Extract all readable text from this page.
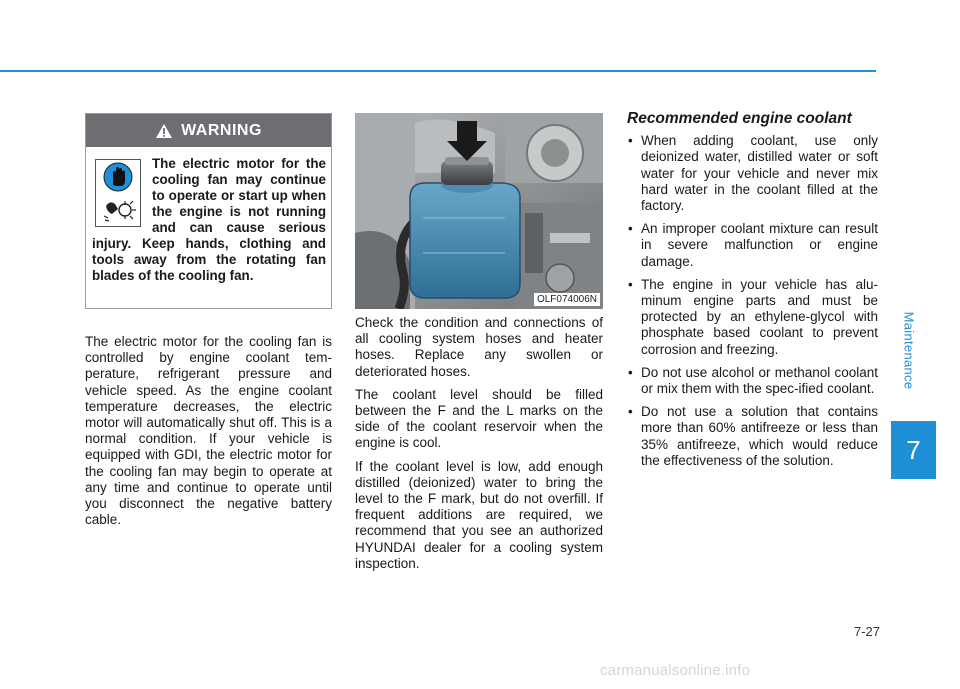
Maintenance
7
WARNING
The electric motor for the cooling fan may continue to operate or start up when the engine is not running and can cause serious injury. Keep hands, clothing and tools away from the rotating fan blades of the cooling fan.

The electric motor for the cooling fan is controlled by engine coolant tem-perature, refrigerant pressure and vehicle speed. As the engine coolant temperature decreases, the electric motor will automatically shut off. This is a normal condition. If your vehicle is equipped with GDI, the electric motor for the cooling fan may begin to operate at any time and continue to operate until you disconnect the negative battery cable.

OLF074006N

Check the condition and connections of all cooling system hoses and heater hoses. Replace any swollen or deteriorated hoses.

The coolant level should be filled between the F and the L marks on the side of the coolant reservoir when the engine is cool.

If the coolant level is low, add enough distilled (deionized) water to bring the level to the F mark, but do not overfill. If frequent additions are required, we recommend that you see an authorized HYUNDAI dealer for a cooling system inspection.

Recommended engine coolant
• When adding coolant, use only deionized water, distilled water or soft water for your vehicle and never mix hard water in the coolant filled at the factory.
• An improper coolant mixture can result in severe malfunction or engine damage.
• The engine in your vehicle has alu-minum engine parts and must be protected by an ethylene-glycol with phosphate based coolant to prevent corrosion and freezing.
• Do not use alcohol or methanol coolant or mix them with the spec-ified coolant.
• Do not use a solution that contains more than 60% antifreeze or less than 35% antifreeze, which would reduce the effectiveness of the solution.
7-27
carmanualsonline.info
